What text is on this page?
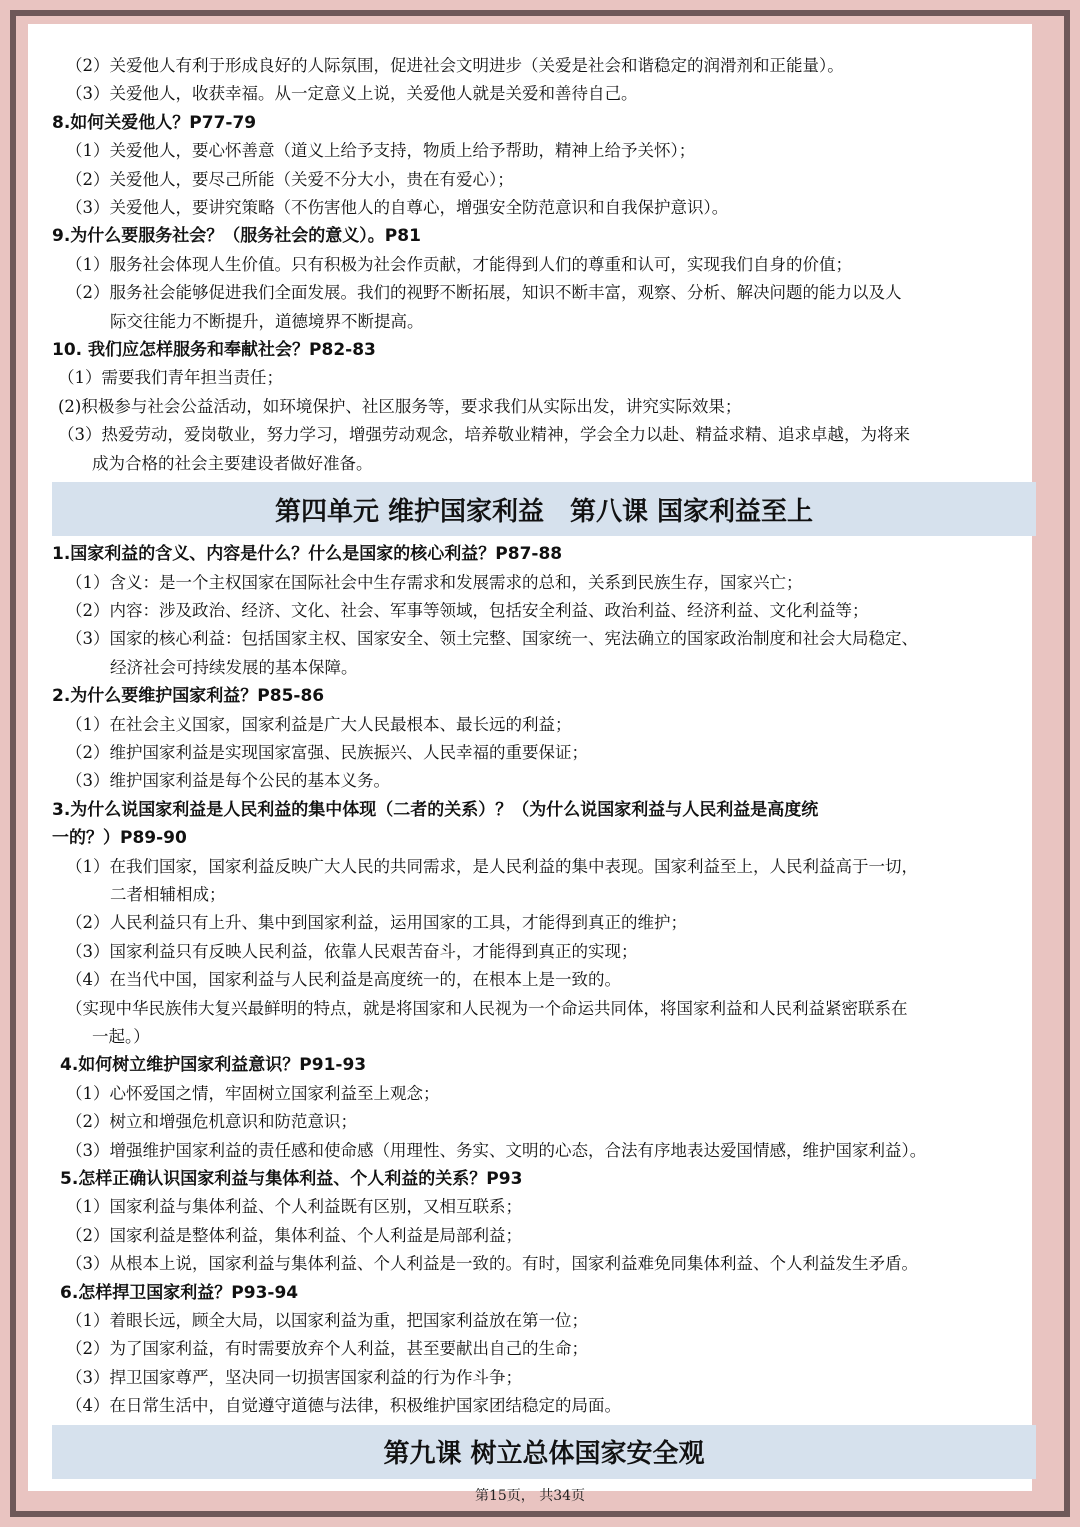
（2）关爱他人有利于形成良好的人际氛围，促进社会文明进步（关爱是社会和谐稳定的润滑剂和正能量）。

（3）关爱他人，收获幸福。从一定意义上说，关爱他人就是关爱和善待自己。

8.如何关爱他人？P77-79

（1）关爱他人，要心怀善意（道义上给予支持，物质上给予帮助，精神上给予关怀）；

（2）关爱他人，要尽己所能（关爱不分大小，贵在有爱心）；

（3）关爱他人，要讲究策略（不伤害他人的自尊心，增强安全防范意识和自我保护意识）。

9.为什么要服务社会？（服务社会的意义）。P81

（1）服务社会体现人生价值。只有积极为社会作贡献，才能得到人们的尊重和认可，实现我们自身的价值；

（2）服务社会能够促进我们全面发展。我们的视野不断拓展，知识不断丰富，观察、分析、解决问题的能力以及人

际交往能力不断提升，道德境界不断提高。

10. 我们应怎样服务和奉献社会？P82-83

（1）需要我们青年担当责任；

(2)积极参与社会公益活动，如环境保护、社区服务等，要求我们从实际出发，讲究实际效果；

（3）热爱劳动，爱岗敬业，努力学习，增强劳动观念，培养敬业精神，学会全力以赴、精益求精、追求卓越，为将来

成为合格的社会主要建设者做好准备。

第四单元 维护国家利益 第八课 国家利益至上

1.国家利益的含义、内容是什么？什么是国家的核心利益？P87-88

（1）含义：是一个主权国家在国际社会中生存需求和发展需求的总和，关系到民族生存，国家兴亡；

（2）内容：涉及政治、经济、文化、社会、军事等领域，包括安全利益、政治利益、经济利益、文化利益等；

（3）国家的核心利益：包括国家主权、国家安全、领土完整、国家统一、宪法确立的国家政治制度和社会大局稳定、

经济社会可持续发展的基本保障。

2.为什么要维护国家利益？P85-86

（1）在社会主义国家，国家利益是广大人民最根本、最长远的利益；

（2）维护国家利益是实现国家富强、民族振兴、人民幸福的重要保证；

（3）维护国家利益是每个公民的基本义务。

3.为什么说国家利益是人民利益的集中体现（二者的关系）？（为什么说国家利益与人民利益是高度统

一的？）P89-90

（1）在我们国家，国家利益反映广大人民的共同需求，是人民利益的集中表现。国家利益至上，人民利益高于一切，

二者相辅相成；

（2）人民利益只有上升、集中到国家利益，运用国家的工具，才能得到真正的维护；

（3）国家利益只有反映人民利益，依靠人民艰苦奋斗，才能得到真正的实现；

（4）在当代中国，国家利益与人民利益是高度统一的，在根本上是一致的。

（实现中华民族伟大复兴最鲜明的特点，就是将国家和人民视为一个命运共同体，将国家利益和人民利益紧密联系在

一起。）

4.如何树立维护国家利益意识？P91-93

（1）心怀爱国之情，牢固树立国家利益至上观念；

（2）树立和增强危机意识和防范意识；

（3）增强维护国家利益的责任感和使命感（用理性、务实、文明的心态，合法有序地表达爱国情感，维护国家利益）。

5.怎样正确认识国家利益与集体利益、个人利益的关系？P93

（1）国家利益与集体利益、个人利益既有区别，又相互联系；

（2）国家利益是整体利益，集体利益、个人利益是局部利益；

（3）从根本上说，国家利益与集体利益、个人利益是一致的。有时，国家利益难免同集体利益、个人利益发生矛盾。

6.怎样捍卫国家利益？P93-94

（1）着眼长远，顾全大局，以国家利益为重，把国家利益放在第一位；

（2）为了国家利益，有时需要放弃个人利益，甚至要献出自己的生命；

（3）捍卫国家尊严，坚决同一切损害国家利益的行为作斗争；

（4）在日常生活中，自觉遵守道德与法律，积极维护国家团结稳定的局面。

第九课 树立总体国家安全观
第15页， 共34页
